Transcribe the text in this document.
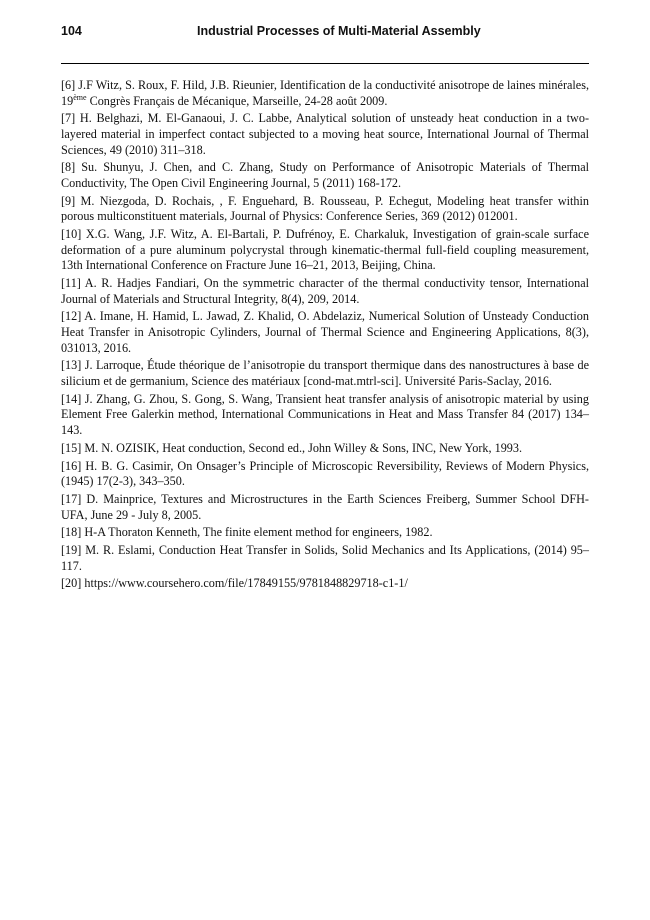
104	Industrial Processes of Multi-Material Assembly

[6] J.F Witz, S. Roux, F. Hild, J.B. Rieunier, Identification de la conductivité anisotrope de laines minérales, 19ème Congrès Français de Mécanique, Marseille, 24-28 août 2009.

[7] H. Belghazi, M. El-Ganaoui, J. C. Labbe, Analytical solution of unsteady heat conduction in a two-layered material in imperfect contact subjected to a moving heat source, International Journal of Thermal Sciences, 49 (2010) 311–318.

[8] Su. Shunyu, J. Chen, and C. Zhang, Study on Performance of Anisotropic Materials of Thermal Conductivity, The Open Civil Engineering Journal, 5 (2011) 168-172.

[9] M. Niezgoda, D. Rochais, , F. Enguehard, B. Rousseau, P. Echegut, Modeling heat transfer within porous multiconstituent materials, Journal of Physics: Conference Series, 369 (2012) 012001.

[10] X.G. Wang, J.F. Witz, A. El-Bartali, P. Dufrénoy, E. Charkaluk, Investigation of grain-scale surface deformation of a pure aluminum polycrystal through kinematic-thermal full-field coupling measurement, 13th International Conference on Fracture June 16–21, 2013, Beijing, China.

[11] A. R. Hadjes Fandiari, On the symmetric character of the thermal conductivity tensor, International Journal of Materials and Structural Integrity, 8(4), 209, 2014.

[12] A. Imane, H. Hamid, L. Jawad, Z. Khalid, O. Abdelaziz, Numerical Solution of Unsteady Conduction Heat Transfer in Anisotropic Cylinders, Journal of Thermal Science and Engineering Applications, 8(3), 031013, 2016.

[13] J. Larroque, Étude théorique de l’anisotropie du transport thermique dans des nanostructures à base de silicium et de germanium, Science des matériaux [cond-mat.mtrl-sci]. Université Paris-Saclay, 2016.

[14] J. Zhang, G. Zhou, S. Gong, S. Wang, Transient heat transfer analysis of anisotropic material by using Element Free Galerkin method, International Communications in Heat and Mass Transfer 84 (2017) 134–143.

[15] M. N. OZISIK, Heat conduction, Second ed., John Willey & Sons, INC, New York, 1993.

[16] H. B. G. Casimir, On Onsager’s Principle of Microscopic Reversibility, Reviews of Modern Physics, (1945) 17(2-3), 343–350.

[17] D. Mainprice, Textures and Microstructures in the Earth Sciences Freiberg, Summer School DFH-UFA, June 29 - July 8, 2005.

[18] H-A Thoraton Kenneth, The finite element method for engineers, 1982.

[19] M. R. Eslami, Conduction Heat Transfer in Solids, Solid Mechanics and Its Applications, (2014) 95–117.

[20] https://www.coursehero.com/file/17849155/9781848829718-c1-1/
